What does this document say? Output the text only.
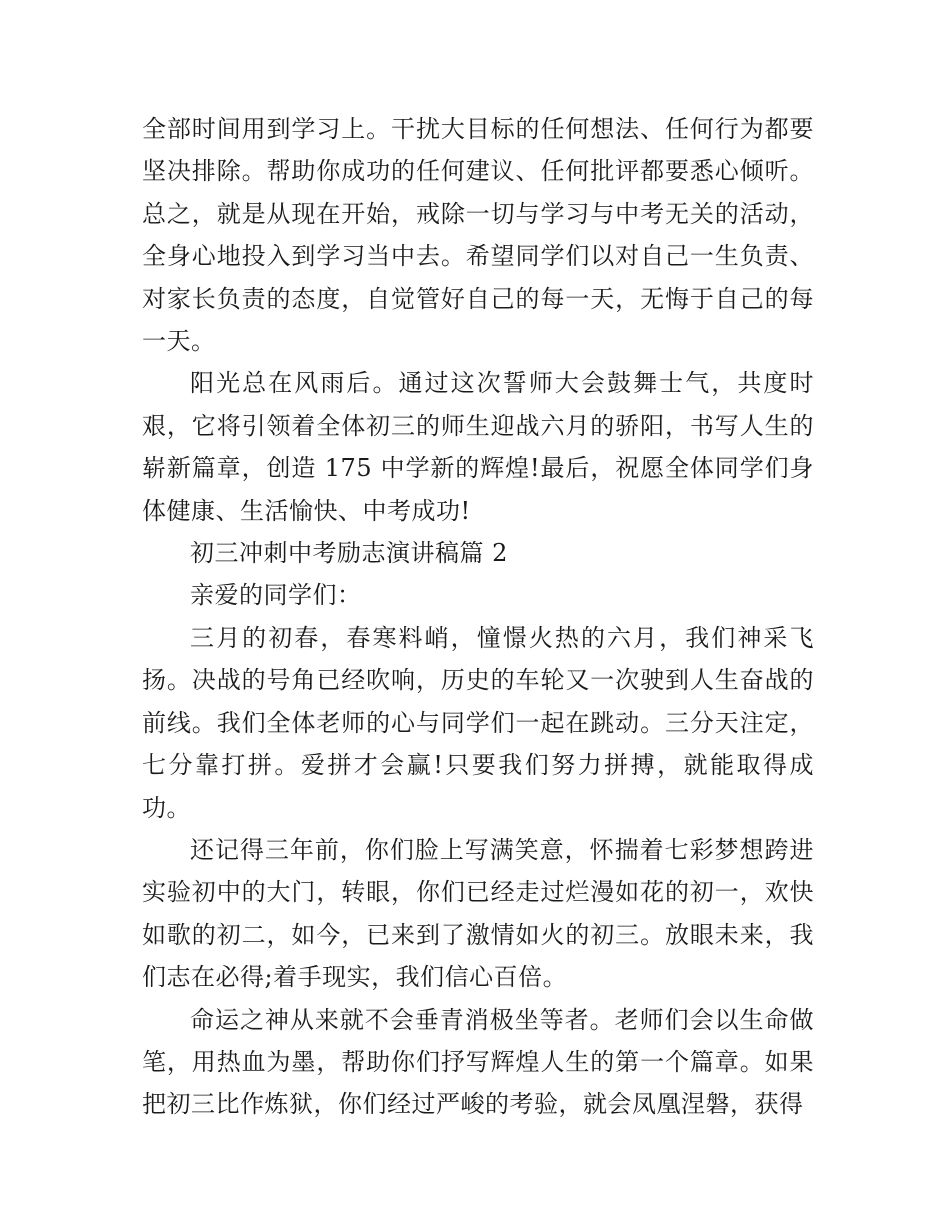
全部时间用到学习上。干扰大目标的任何想法、任何行为都要
坚决排除。帮助你成功的任何建议、任何批评都要悉心倾听。
总之，就是从现在开始，戒除一切与学习与中考无关的活动，
全身心地投入到学习当中去。希望同学们以对自己一生负责、
对家长负责的态度，自觉管好自己的每一天，无悔于自己的每
一天。
阳光总在风雨后。通过这次誓师大会鼓舞士气，共度时
艰，它将引领着全体初三的师生迎战六月的骄阳，书写人生的
崭新篇章，创造 175 中学新的辉煌!最后，祝愿全体同学们身
体健康、生活愉快、中考成功!
初三冲刺中考励志演讲稿篇 2
亲爱的同学们：
三月的初春，春寒料峭，憧憬火热的六月，我们神采飞
扬。决战的号角已经吹响，历史的车轮又一次驶到人生奋战的
前线。我们全体老师的心与同学们一起在跳动。三分天注定，
七分靠打拼。爱拼才会赢!只要我们努力拼搏，就能取得成
功。
还记得三年前，你们脸上写满笑意，怀揣着七彩梦想跨进
实验初中的大门，转眼，你们已经走过烂漫如花的初一，欢快
如歌的初二，如今，已来到了激情如火的初三。放眼未来，我
们志在必得;着手现实，我们信心百倍。
命运之神从来就不会垂青消极坐等者。老师们会以生命做
笔，用热血为墨，帮助你们抒写辉煌人生的第一个篇章。如果
把初三比作炼狱，你们经过严峻的考验，就会凤凰涅磐，获得
